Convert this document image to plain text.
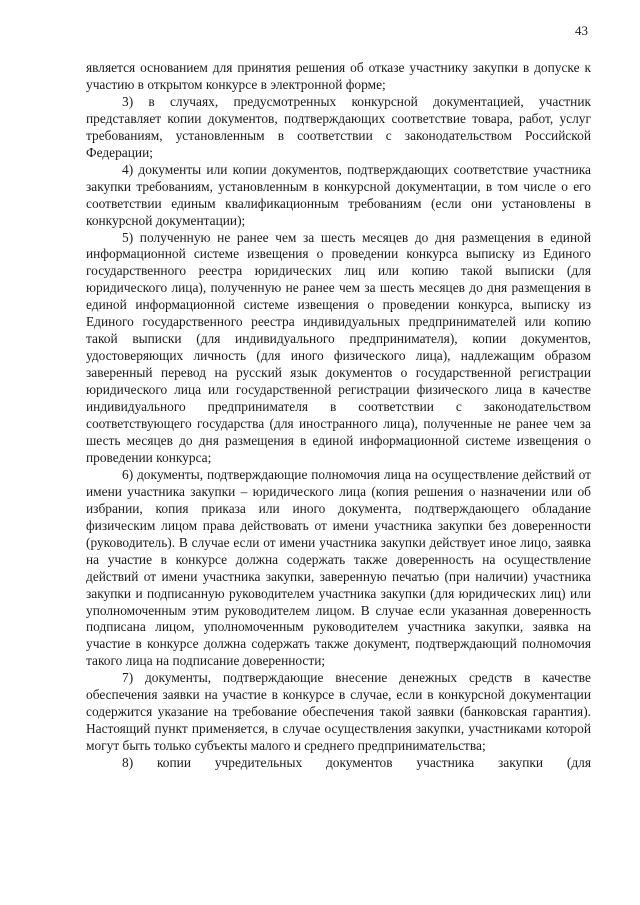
43

является основанием для принятия решения об отказе участнику закупки в допуске к участию в открытом конкурсе в электронной форме;

3) в случаях, предусмотренных конкурсной документацией, участник представляет копии документов, подтверждающих соответствие товара, работ, услуг требованиям, установленным в соответствии с законодательством Российской Федерации;

4) документы или копии документов, подтверждающих соответствие участника закупки требованиям, установленным в конкурсной документации, в том числе о его соответствии единым квалификационным требованиям (если они установлены в конкурсной документации);

5) полученную не ранее чем за шесть месяцев до дня размещения в единой информационной системе извещения о проведении конкурса выписку из Единого государственного реестра юридических лиц или копию такой выписки (для юридического лица), полученную не ранее чем за шесть месяцев до дня размещения в единой информационной системе извещения о проведении конкурса, выписку из Единого государственного реестра индивидуальных предпринимателей или копию такой выписки (для индивидуального предпринимателя), копии документов, удостоверяющих личность (для иного физического лица), надлежащим образом заверенный перевод на русский язык документов о государственной регистрации юридического лица или государственной регистрации физического лица в качестве индивидуального предпринимателя в соответствии с законодательством соответствующего государства (для иностранного лица), полученные не ранее чем за шесть месяцев до дня размещения в единой информационной системе извещения о проведении конкурса;

6) документы, подтверждающие полномочия лица на осуществление действий от имени участника закупки – юридического лица (копия решения о назначении или об избрании, копия приказа или иного документа, подтверждающего обладание физическим лицом права действовать от имени участника закупки без доверенности (руководитель). В случае если от имени участника закупки действует иное лицо, заявка на участие в конкурсе должна содержать также доверенность на осуществление действий от имени участника закупки, заверенную печатью (при наличии) участника закупки и подписанную руководителем участника закупки (для юридических лиц) или уполномоченным этим руководителем лицом. В случае если указанная доверенность подписана лицом, уполномоченным руководителем участника закупки, заявка на участие в конкурсе должна содержать также документ, подтверждающий полномочия такого лица на подписание доверенности;

7) документы, подтверждающие внесение денежных средств в качестве обеспечения заявки на участие в конкурсе в случае, если в конкурсной документации содержится указание на требование обеспечения такой заявки (банковская гарантия). Настоящий пункт применяется, в случае осуществления закупки, участниками которой могут быть только субъекты малого и среднего предпринимательства;

8) копии учредительных документов участника закупки (для
